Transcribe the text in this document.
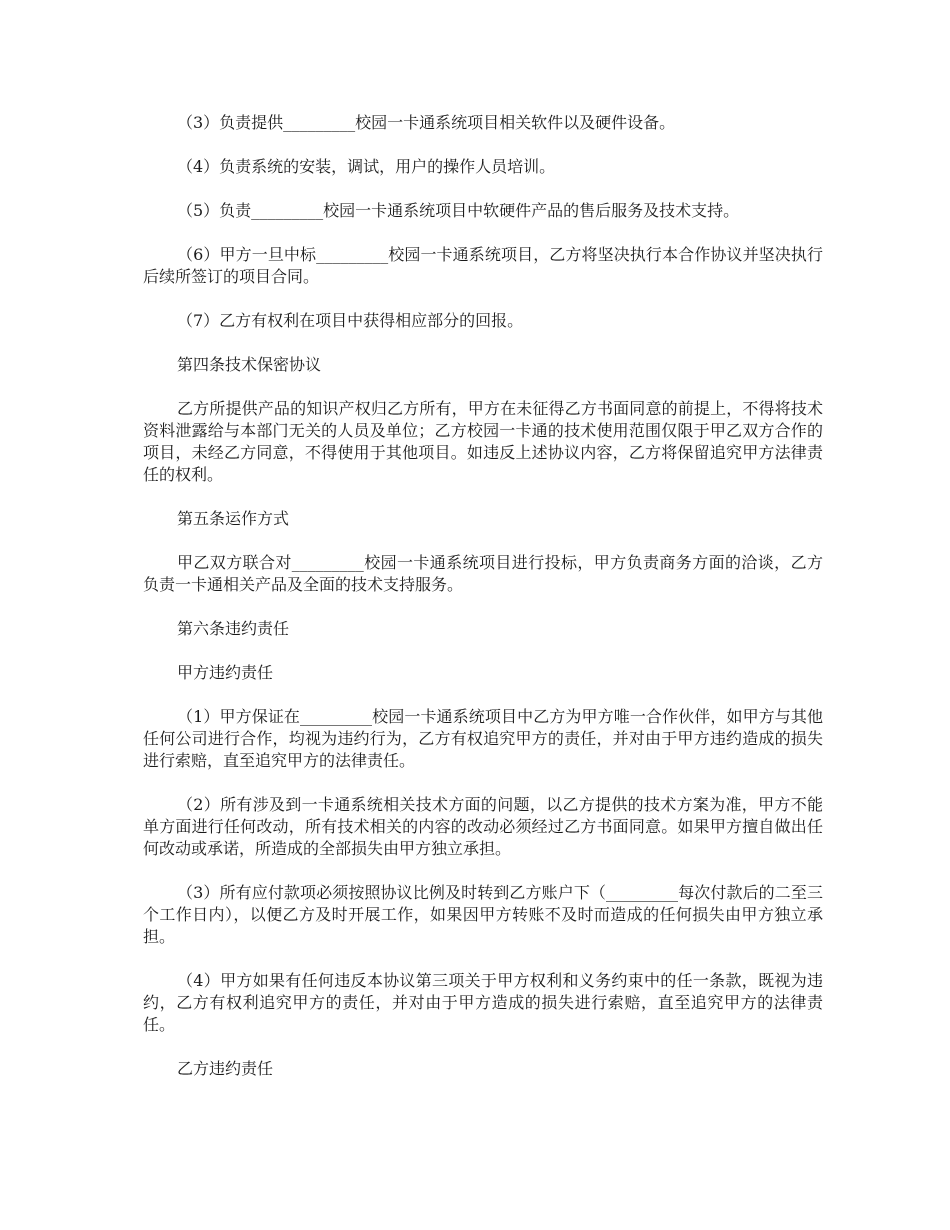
（3）负责提供_________校园一卡通系统项目相关软件以及硬件设备。

（4）负责系统的安装，调试，用户的操作人员培训。

（5）负责_________校园一卡通系统项目中软硬件产品的售后服务及技术支持。

（6）甲方一旦中标_________校园一卡通系统项目，乙方将坚决执行本合作协议并坚决执行后续所签订的项目合同。

（7）乙方有权利在项目中获得相应部分的回报。

第四条技术保密协议

乙方所提供产品的知识产权归乙方所有，甲方在未征得乙方书面同意的前提上，不得将技术资料泄露给与本部门无关的人员及单位；乙方校园一卡通的技术使用范围仅限于甲乙双方合作的项目，未经乙方同意，不得使用于其他项目。如违反上述协议内容，乙方将保留追究甲方法律责任的权利。

第五条运作方式

甲乙双方联合对_________校园一卡通系统项目进行投标，甲方负责商务方面的洽谈，乙方负责一卡通相关产品及全面的技术支持服务。

第六条违约责任

甲方违约责任

（1）甲方保证在_________校园一卡通系统项目中乙方为甲方唯一合作伙伴，如甲方与其他任何公司进行合作，均视为违约行为，乙方有权追究甲方的责任，并对由于甲方违约造成的损失进行索赔，直至追究甲方的法律责任。

（2）所有涉及到一卡通系统相关技术方面的问题，以乙方提供的技术方案为准，甲方不能单方面进行任何改动，所有技术相关的内容的改动必须经过乙方书面同意。如果甲方擅自做出任何改动或承诺，所造成的全部损失由甲方独立承担。

（3）所有应付款项必须按照协议比例及时转到乙方账户下（_________每次付款后的二至三个工作日内），以便乙方及时开展工作，如果因甲方转账不及时而造成的任何损失由甲方独立承担。

（4）甲方如果有任何违反本协议第三项关于甲方权利和义务约束中的任一条款，既视为违约，乙方有权利追究甲方的责任，并对由于甲方造成的损失进行索赔，直至追究甲方的法律责任。

乙方违约责任
